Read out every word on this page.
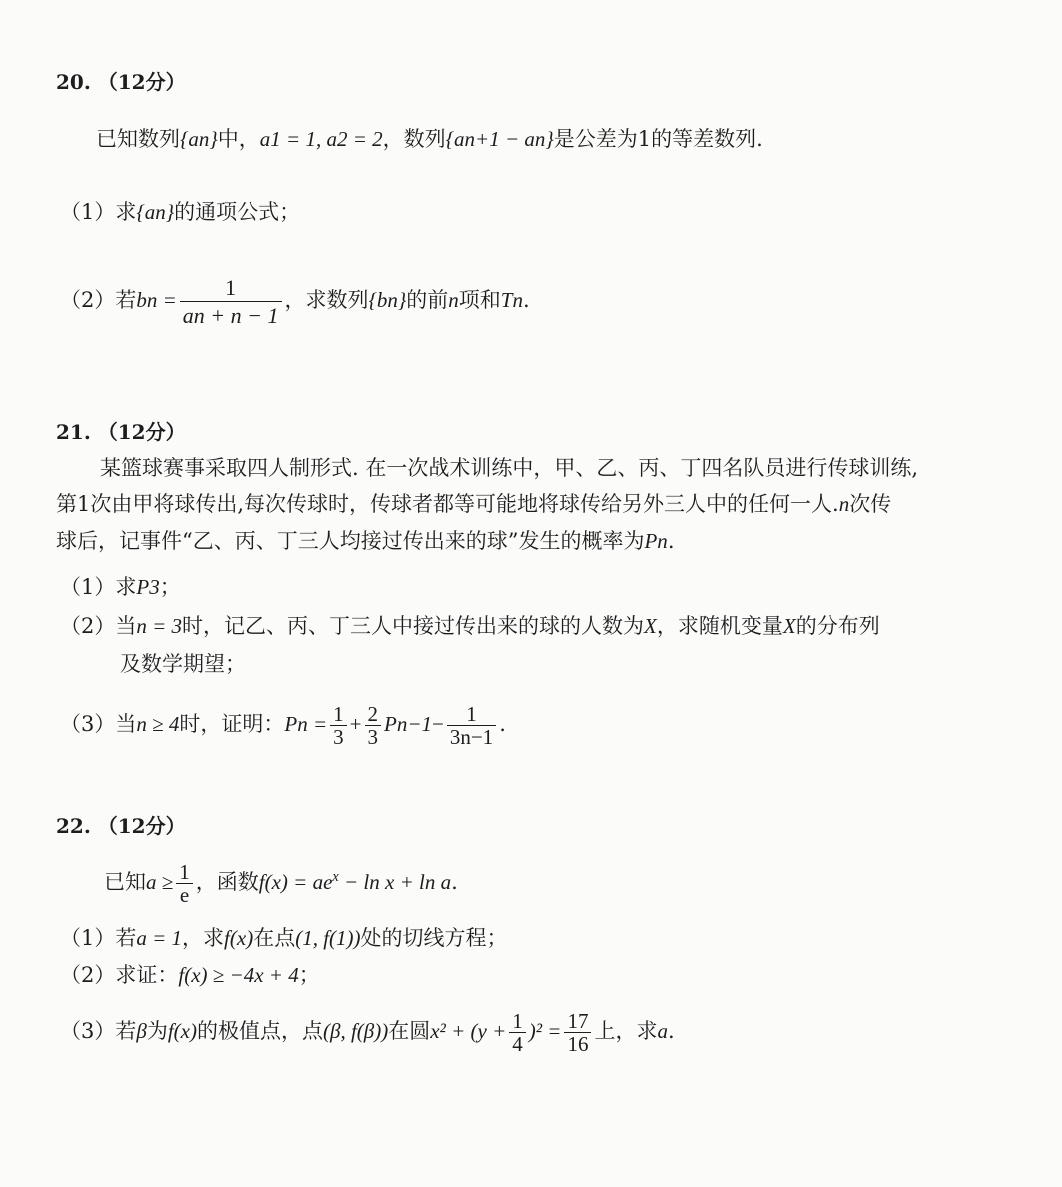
20. （12分）
已知数列{an}中，a1 = 1, a2 = 2，数列{an+1 − an}是公差为1的等差数列.
（1）求{an}的通项公式；
（2）若bn = $\frac{1}{an + n - 1}$ ，求数列{bn}的前n项和Tn.
21. （12分）
某篮球赛事采取四人制形式. 在一次战术训练中，甲、乙、丙、丁四名队员进行传球训练,
第1次由甲将球传出,每次传球时，传球者都等可能地将球传给另外三人中的任何一人.n次传
球后，记事件“乙、丙、丁三人均接过传出来的球”发生的概率为Pn.
（1）求P3；
（2）当n = 3时，记乙、丙、丁三人中接过传出来的球的人数为X，求随机变量X的分布列
及数学期望；
（3）当n ≥ 4时，证明：$Pn = \frac{1}{3} + \frac{2}{3} Pn-1- \frac{1}{3n-1}$ .
22. （12分）
已知$a \ge \frac{1}{e}$ ，函数$f(x) = ae^x - \ln x + \ln a$.
（1）若a = 1，求f(x)在点(1, f(1))处的切线方程；
（2）求证：f(x) ≥ −4x + 4；
（3）若β为f(x)的极值点，点(β, f(β))在圆$x^2 + (y + \frac{1}{4} )^2 = \frac{17}{16}$ 上，求a.
